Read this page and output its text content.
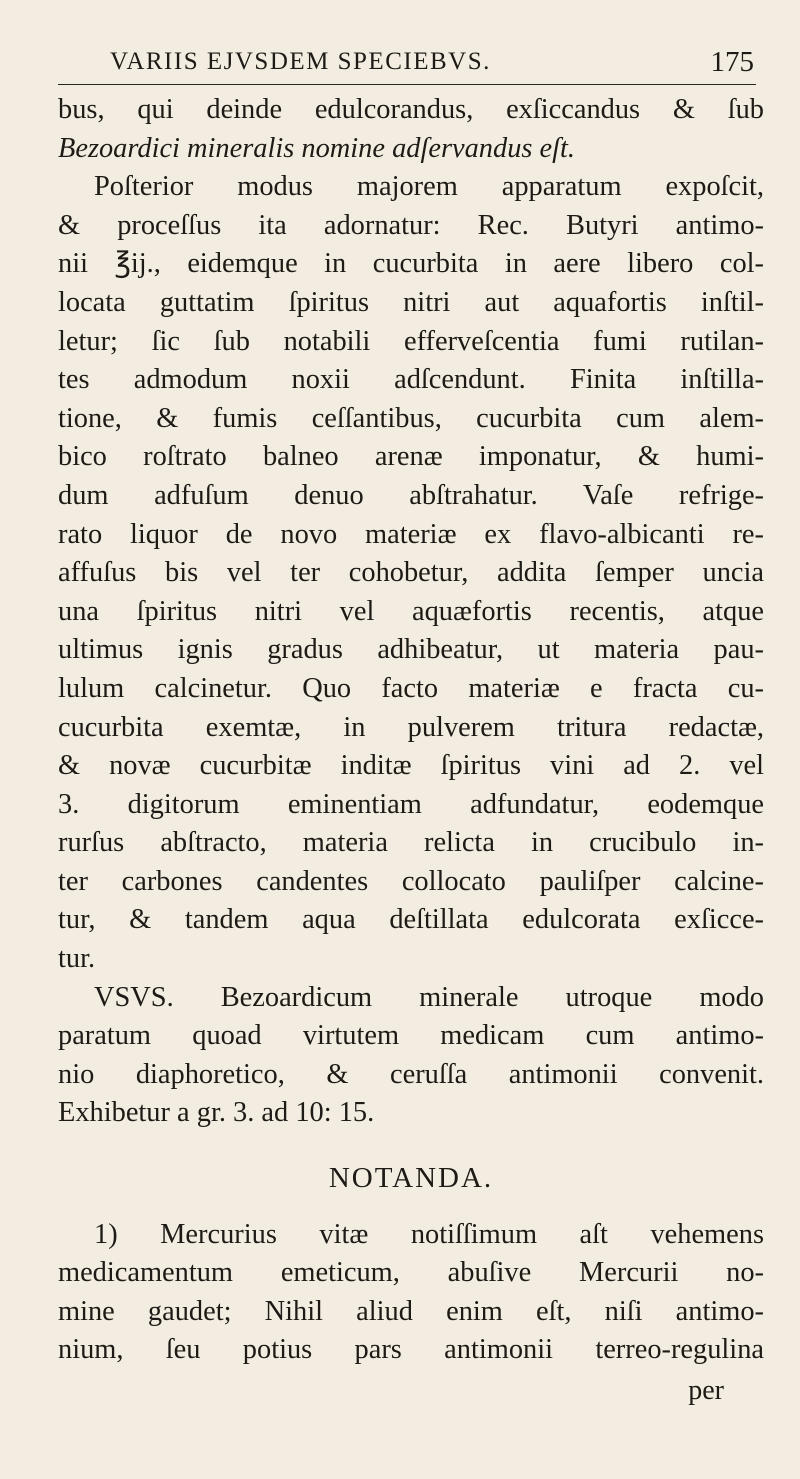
VARIIS EJVSDEM SPECIEBVS.	175

bus, qui deinde edulcorandus, exſiccandus & ſub
Bezoardici mineralis nomine adſervandus eſt.

Poſterior modus majorem apparatum expoſcit,
& proceſſus ita adornatur: Rec. Butyri antimo-
nii ℥ij., eidemque in cucurbita in aere libero col-
locata guttatim ſpiritus nitri aut aquafortis inſtil-
letur; ſic ſub notabili efferveſcentia fumi rutilan-
tes admodum noxii adſcendunt. Finita inſtilla-
tione, & fumis ceſſantibus, cucurbita cum alem-
bico roſtrato balneo arenæ imponatur, & humi-
dum adfuſum denuo abſtrahatur. Vaſe refrige-
rato liquor de novo materiæ ex flavo-albicanti re-
affuſus bis vel ter cohobetur, addita ſemper uncia
una ſpiritus nitri vel aquæfortis recentis, atque
ultimus ignis gradus adhibeatur, ut materia pau-
lulum calcinetur. Quo facto materiæ e fracta cu-
cucurbita exemtæ, in pulverem tritura redactæ,
& novæ cucurbitæ inditæ ſpiritus vini ad 2. vel
3. digitorum eminentiam adfundatur, eodemque
rurſus abſtracto, materia relicta in crucibulo in-
ter carbones candentes collocato pauliſper calcine-
tur, & tandem aqua deſtillata edulcorata exſicce-
tur.

VSVS. Bezoardicum minerale utroque modo
paratum quoad virtutem medicam cum antimo-
nio diaphoretico, & ceruſſa antimonii convenit.
Exhibetur a gr. 3. ad 10: 15.

NOTANDA.

1) Mercurius vitæ notiſſimum aſt vehemens
medicamentum emeticum, abuſive Mercurii no-
mine gaudet; Nihil aliud enim eſt, niſi antimo-
nium, ſeu potius pars antimonii terreo-regulina

per
